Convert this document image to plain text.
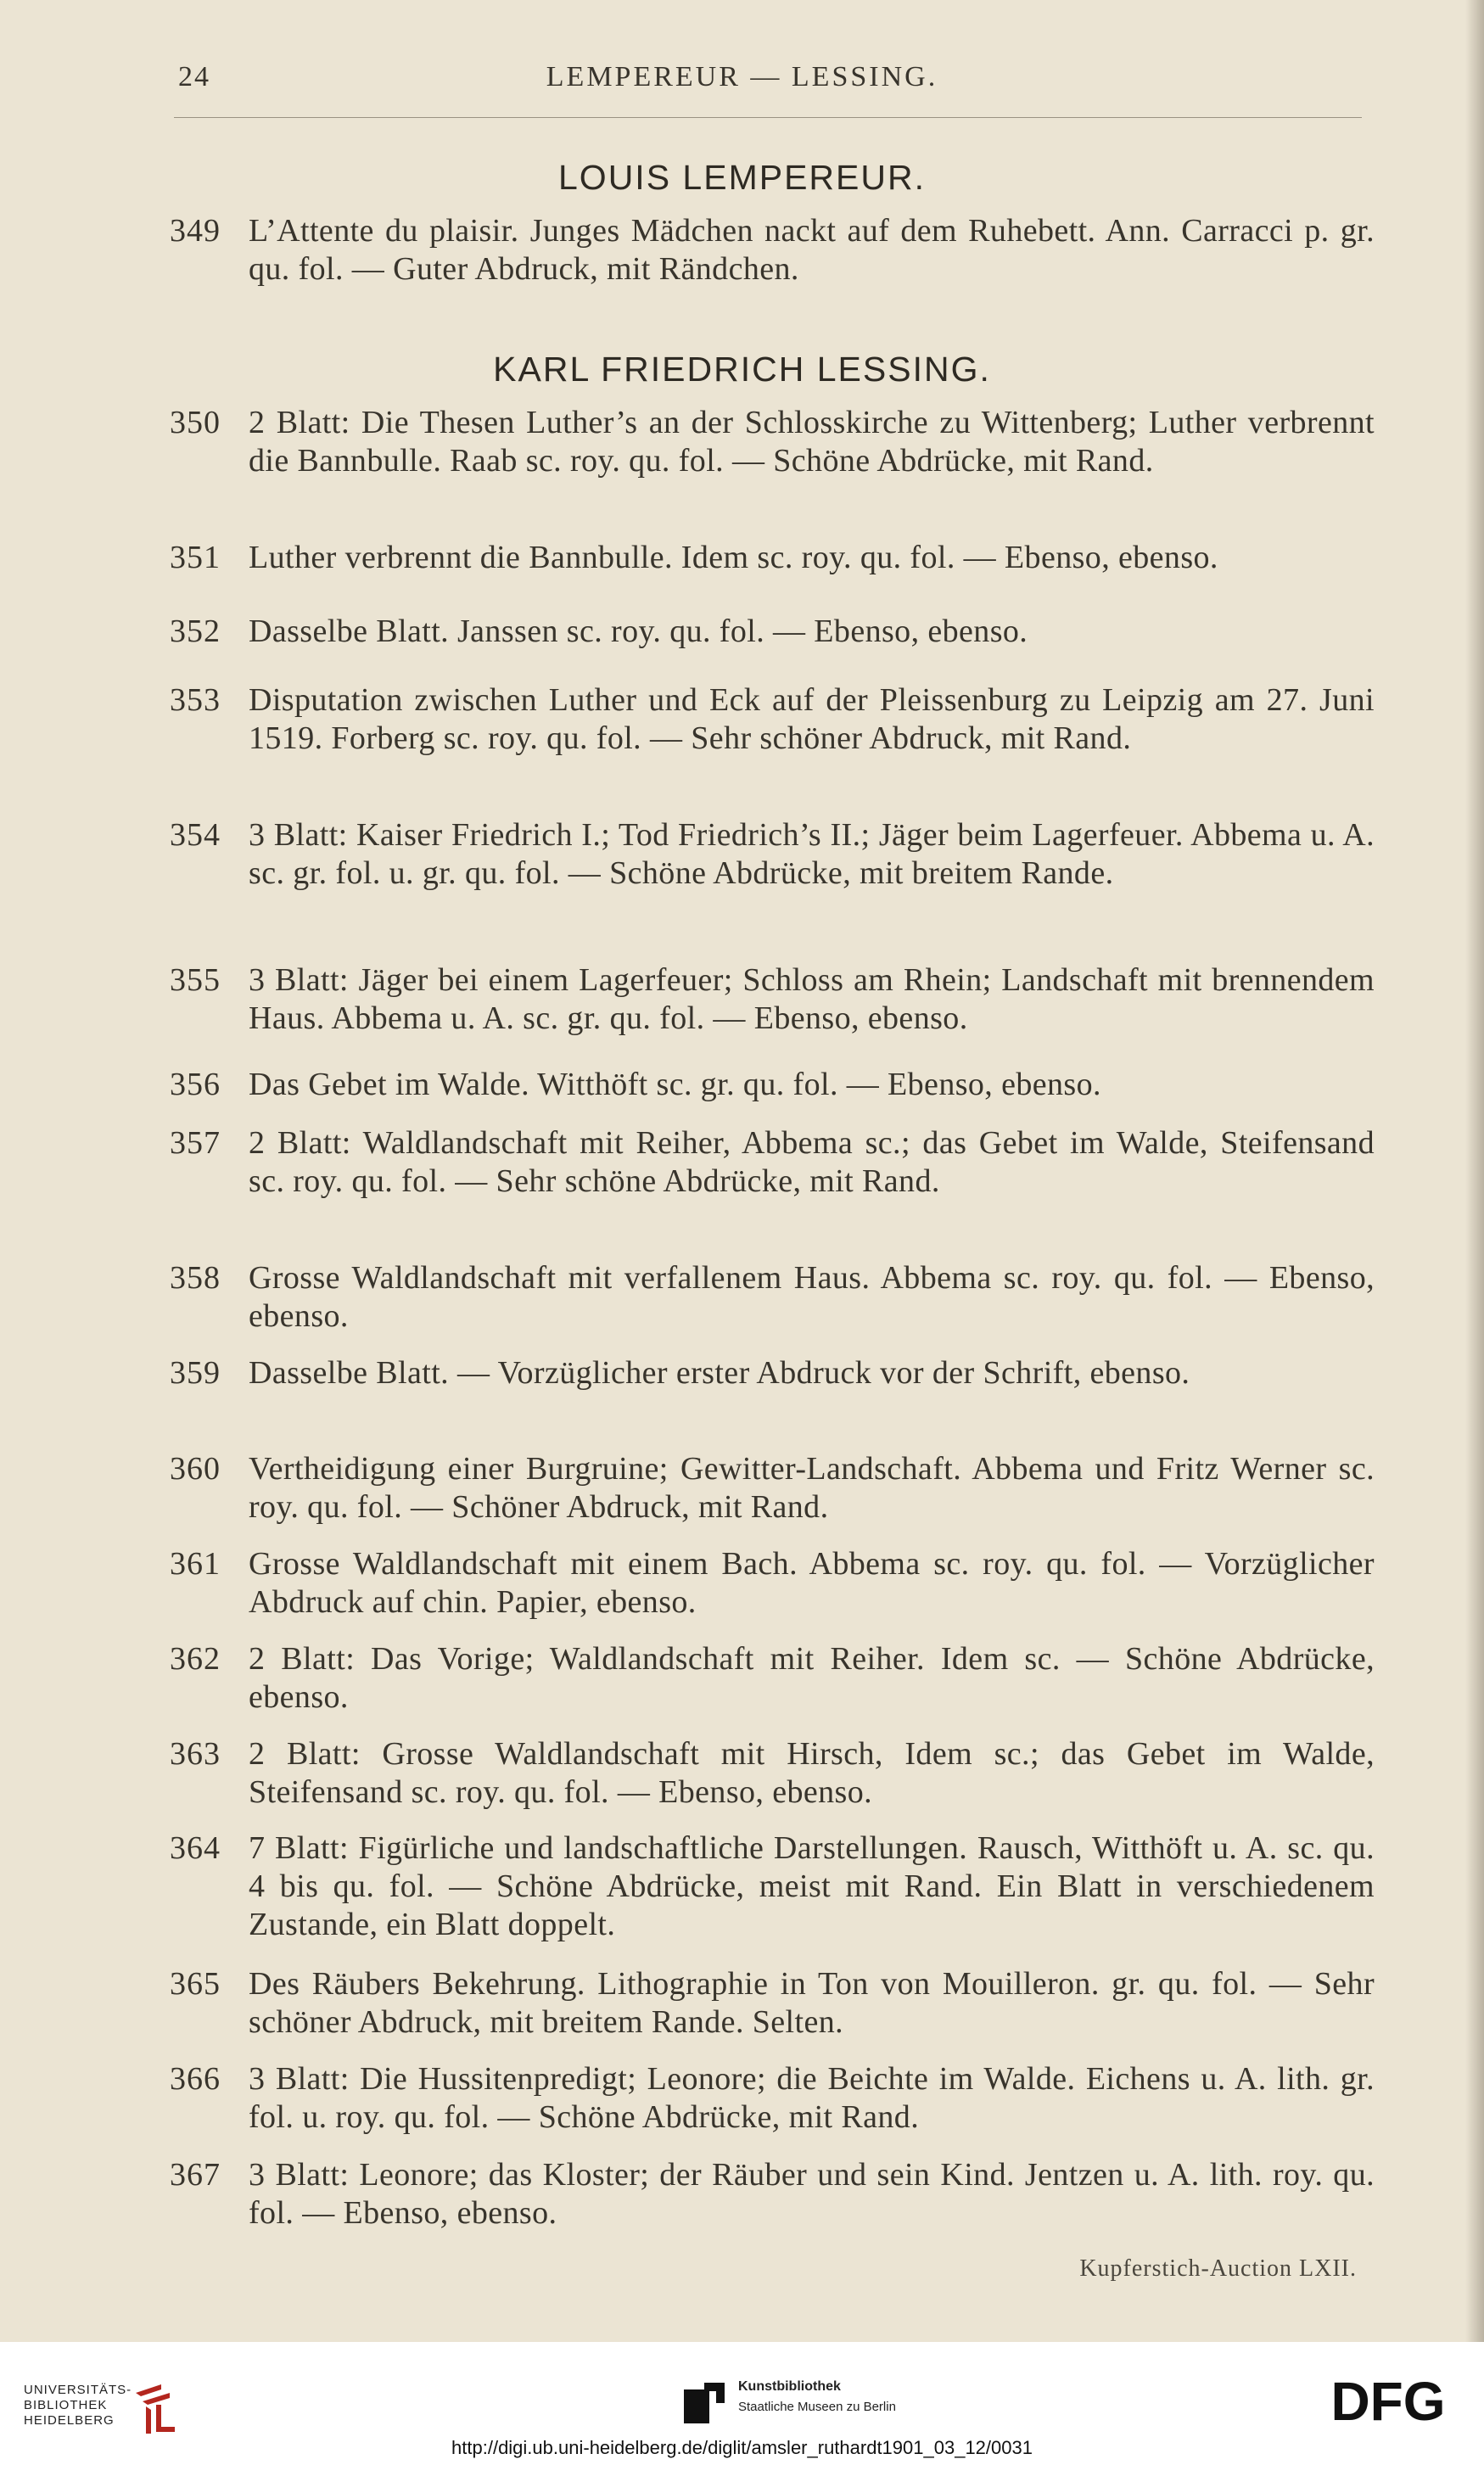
24	LEMPEREUR — LESSING.
LOUIS LEMPEREUR.
349 L’Attente du plaisir. Junges Mädchen nackt auf dem Ruhebett. Ann. Carracci p. gr. qu. fol. — Guter Abdruck, mit Rändchen.
KARL FRIEDRICH LESSING.
350 2 Blatt: Die Thesen Luther’s an der Schlosskirche zu Wittenberg; Luther verbrennt die Bannbulle. Raab sc. roy. qu. fol. — Schöne Abdrücke, mit Rand.
351 Luther verbrennt die Bannbulle. Idem sc. roy. qu. fol. — Ebenso, ebenso.
352 Dasselbe Blatt. Janssen sc. roy. qu. fol. — Ebenso, ebenso.
353 Disputation zwischen Luther und Eck auf der Pleissenburg zu Leipzig am 27. Juni 1519. Forberg sc. roy. qu. fol. — Sehr schöner Abdruck, mit Rand.
354 3 Blatt: Kaiser Friedrich I.; Tod Friedrich’s II.; Jäger beim Lagerfeuer. Abbema u. A. sc. gr. fol. u. gr. qu. fol. — Schöne Abdrücke, mit breitem Rande.
355 3 Blatt: Jäger bei einem Lagerfeuer; Schloss am Rhein; Landschaft mit brennendem Haus. Abbema u. A. sc. gr. qu. fol. — Ebenso, ebenso.
356 Das Gebet im Walde. Witthöft sc. gr. qu. fol. — Ebenso, ebenso.
357 2 Blatt: Waldlandschaft mit Reiher, Abbema sc.; das Gebet im Walde, Steifensand sc. roy. qu. fol. — Sehr schöne Abdrücke, mit Rand.
358 Grosse Waldlandschaft mit verfallenem Haus. Abbema sc. roy. qu. fol. — Ebenso, ebenso.
359 Dasselbe Blatt. — Vorzüglicher erster Abdruck vor der Schrift, ebenso.
360 Vertheidigung einer Burgruine; Gewitter-Landschaft. Abbema und Fritz Werner sc. roy. qu. fol. — Schöner Abdruck, mit Rand.
361 Grosse Waldlandschaft mit einem Bach. Abbema sc. roy. qu. fol. — Vorzüglicher Abdruck auf chin. Papier, ebenso.
362 2 Blatt: Das Vorige; Waldlandschaft mit Reiher. Idem sc. — Schöne Abdrücke, ebenso.
363 2 Blatt: Grosse Waldlandschaft mit Hirsch, Idem sc.; das Gebet im Walde, Steifensand sc. roy. qu. fol. — Ebenso, ebenso.
364 7 Blatt: Figürliche und landschaftliche Darstellungen. Rausch, Witthöft u. A. sc. qu. 4 bis qu. fol. — Schöne Abdrücke, meist mit Rand. Ein Blatt in verschiedenem Zustande, ein Blatt doppelt.
365 Des Räubers Bekehrung. Lithographie in Ton von Mouilleron. gr. qu. fol. — Sehr schöner Abdruck, mit breitem Rande. Selten.
366 3 Blatt: Die Hussitenpredigt; Leonore; die Beichte im Walde. Eichens u. A. lith. gr. fol. u. roy. qu. fol. — Schöne Abdrücke, mit Rand.
367 3 Blatt: Leonore; das Kloster; der Räuber und sein Kind. Jentzen u. A. lith. roy. qu. fol. — Ebenso, ebenso.
Kupferstich-Auction LXII.
UNIVERSITÄTS-
BIBLIOTHEK
HEIDELBERG
Kunstbibliothek
Staatliche Museen zu Berlin	DFG
http://digi.ub.uni-heidelberg.de/diglit/amsler_ruthardt1901_03_12/0031
